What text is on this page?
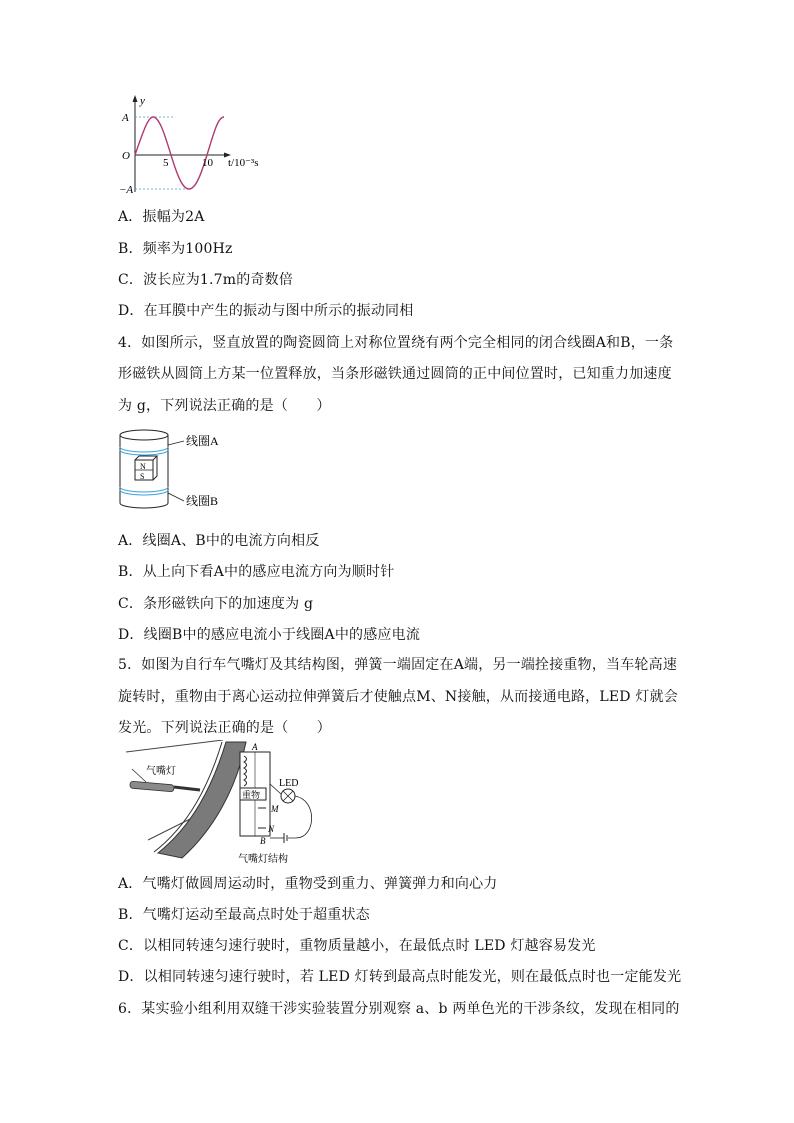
y
A
O
−A
5	10 t/10⁻³s
A．振幅为2A
B．频率为100Hz
C．波长应为1.7m的奇数倍
D．在耳膜中产生的振动与图中所示的振动同相
4．如图所示，竖直放置的陶瓷圆筒上对称位置绕有两个完全相同的闭合线圈A和B，一条
形磁铁从圆筒上方某一位置释放，当条形磁铁通过圆筒的正中间位置时，已知重力加速度
为 g，下列说法正确的是（　　）
N
S
线圈A
线圈B
A．线圈A、B中的电流方向相反
B．从上向下看A中的感应电流方向为顺时针
C．条形磁铁向下的加速度为 g
D．线圈B中的感应电流小于线圈A中的感应电流
5．如图为自行车气嘴灯及其结构图，弹簧一端固定在A端，另一端拴接重物，当车轮高速
旋转时，重物由于离心运动拉伸弹簧后才使触点M、N接触，从而接通电路，LED 灯就会
发光。下列说法正确的是（　　）
气嘴灯
A
重物
M
N
B
LED
气嘴灯结构
A．气嘴灯做圆周运动时，重物受到重力、弹簧弹力和向心力
B．气嘴灯运动至最高点时处于超重状态
C．以相同转速匀速行驶时，重物质量越小，在最低点时 LED 灯越容易发光
D．以相同转速匀速行驶时，若 LED 灯转到最高点时能发光，则在最低点时也一定能发光
6．某实验小组利用双缝干涉实验装置分别观察 a、b 两单色光的干涉条纹，发现在相同的
